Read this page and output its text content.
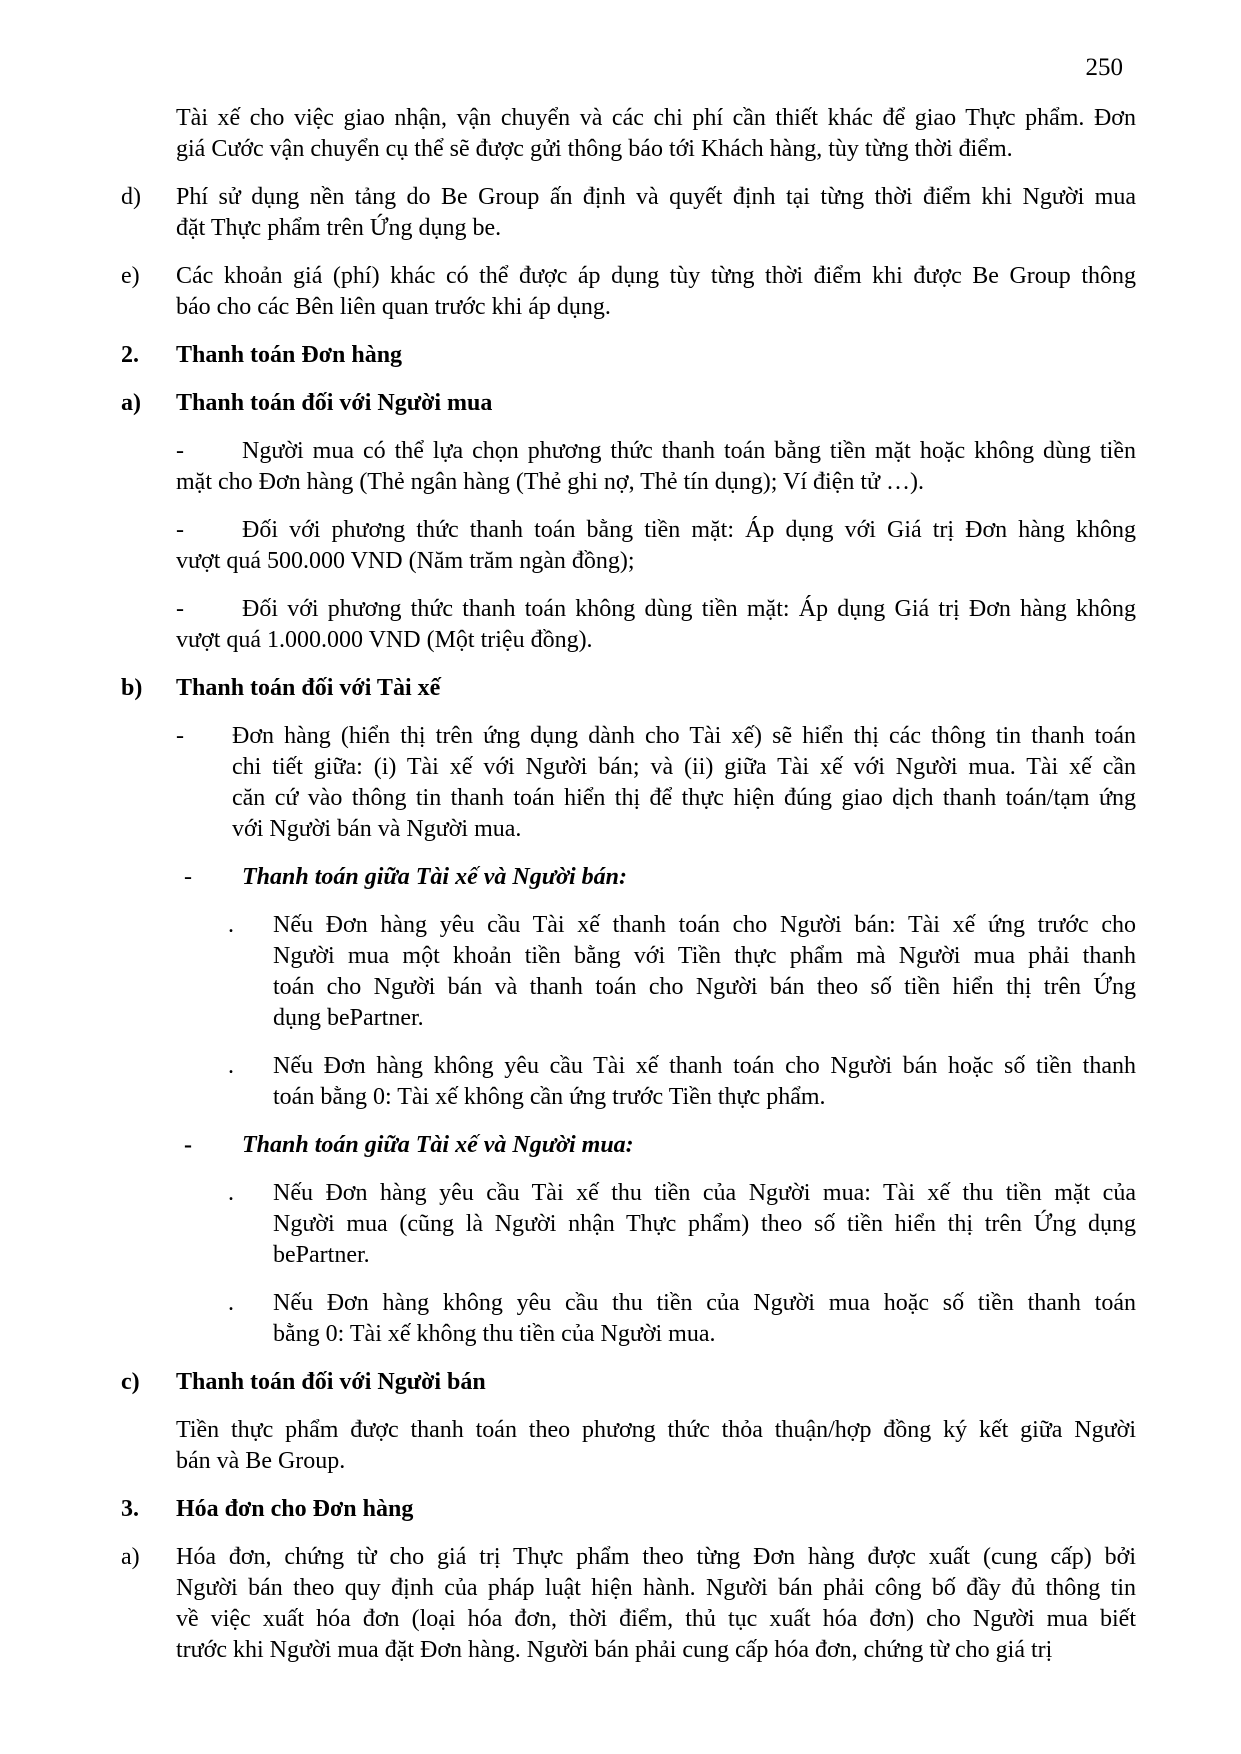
250
Tài xế cho việc giao nhận, vận chuyển và các chi phí cần thiết khác để giao Thực phẩm. Đơn
giá Cước vận chuyển cụ thể sẽ được gửi thông báo tới Khách hàng, tùy từng thời điểm.
d)	Phí sử dụng nền tảng do Be Group ấn định và quyết định tại từng thời điểm khi Người mua
đặt Thực phẩm trên Ứng dụng be.
e)	Các khoản giá (phí) khác có thể được áp dụng tùy từng thời điểm khi được Be Group thông
báo cho các Bên liên quan trước khi áp dụng.
2.	Thanh toán Đơn hàng
a)	Thanh toán đối với Người mua
- Người mua có thể lựa chọn phương thức thanh toán bằng tiền mặt hoặc không dùng tiền
mặt cho Đơn hàng (Thẻ ngân hàng (Thẻ ghi nợ, Thẻ tín dụng); Ví điện tử …).
- Đối với phương thức thanh toán bằng tiền mặt: Áp dụng với Giá trị Đơn hàng không
vượt quá 500.000 VND (Năm trăm ngàn đồng);
- Đối với phương thức thanh toán không dùng tiền mặt: Áp dụng Giá trị Đơn hàng không
vượt quá 1.000.000 VND (Một triệu đồng).
b)	Thanh toán đối với Tài xế
- Đơn hàng (hiển thị trên ứng dụng dành cho Tài xế) sẽ hiển thị các thông tin thanh toán
chi tiết giữa: (i) Tài xế với Người bán; và (ii) giữa Tài xế với Người mua. Tài xế cần
căn cứ vào thông tin thanh toán hiển thị để thực hiện đúng giao dịch thanh toán/tạm ứng
với Người bán và Người mua.
- Thanh toán giữa Tài xế và Người bán:
. Nếu Đơn hàng yêu cầu Tài xế thanh toán cho Người bán: Tài xế ứng trước cho
Người mua một khoản tiền bằng với Tiền thực phẩm mà Người mua phải thanh
toán cho Người bán và thanh toán cho Người bán theo số tiền hiển thị trên Ứng
dụng bePartner.
. Nếu Đơn hàng không yêu cầu Tài xế thanh toán cho Người bán hoặc số tiền thanh
toán bằng 0: Tài xế không cần ứng trước Tiền thực phẩm.
- Thanh toán giữa Tài xế và Người mua:
. Nếu Đơn hàng yêu cầu Tài xế thu tiền của Người mua: Tài xế thu tiền mặt của
Người mua (cũng là Người nhận Thực phẩm) theo số tiền hiển thị trên Ứng dụng
bePartner.
. Nếu Đơn hàng không yêu cầu thu tiền của Người mua hoặc số tiền thanh toán
bằng 0: Tài xế không thu tiền của Người mua.
c)	Thanh toán đối với Người bán
Tiền thực phẩm được thanh toán theo phương thức thỏa thuận/hợp đồng ký kết giữa Người
bán và Be Group.
3.	Hóa đơn cho Đơn hàng
a)	Hóa đơn, chứng từ cho giá trị Thực phẩm theo từng Đơn hàng được xuất (cung cấp) bởi
Người bán theo quy định của pháp luật hiện hành. Người bán phải công bố đầy đủ thông tin
về việc xuất hóa đơn (loại hóa đơn, thời điểm, thủ tục xuất hóa đơn) cho Người mua biết
trước khi Người mua đặt Đơn hàng. Người bán phải cung cấp hóa đơn, chứng từ cho giá trị
